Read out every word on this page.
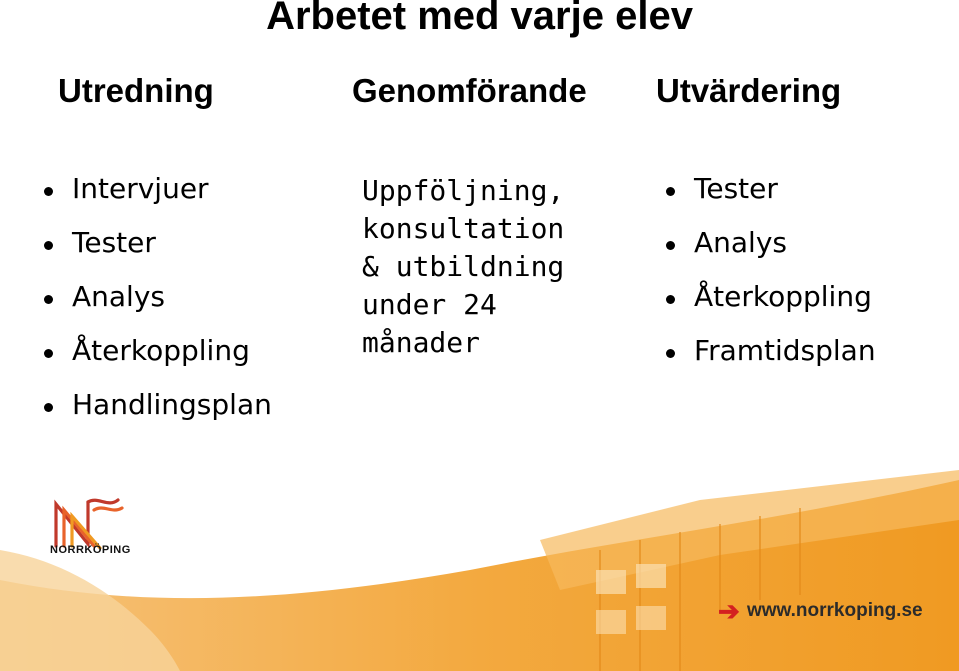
Arbetet med varje elev
Utredning	Genomförande Utvärdering
Intervjuer
Tester
Analys
Återkoppling
Handlingsplan
Uppföljning,
konsultation
& utbildning
under 24
månader
Tester
Analys
Återkoppling
Framtidsplan
NORRKÖPING
➔ www.norrkoping.se
